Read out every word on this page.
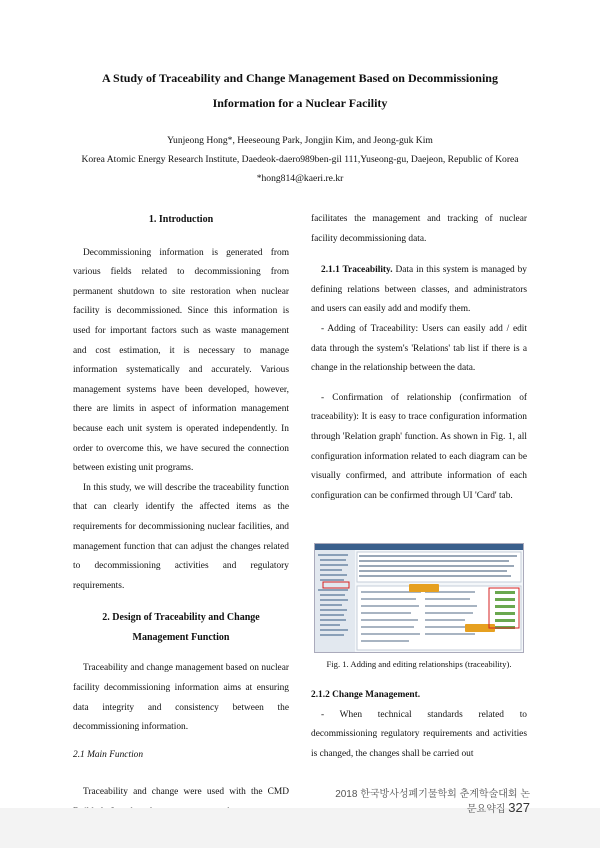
A Study of Traceability and Change Management Based on Decommissioning
Information for a Nuclear Facility
Yunjeong Hong*, Heeseoung Park, Jongjin Kim, and Jeong-guk Kim
Korea Atomic Energy Research Institute, Daedeok-daero989ben-gil 111,Yuseong-gu, Daejeon, Republic of Korea
*hong814@kaeri.re.kr

1. Introduction

Decommissioning information is generated from various fields related to decommissioning from permanent shutdown to site restoration when nuclear facility is decommissioned. Since this information is used for important factors such as waste management and cost estimation, it is necessary to manage information systematically and accurately. Various management systems have been developed, however, there are limits in aspect of information management because each unit system is operated independently. In order to overcome this, we have secured the connection between existing unit programs.

In this study, we will describe the traceability function that can clearly identify the affected items as the requirements for decommissioning nuclear facilities, and management function that can adjust the changes related to decommissioning activities and regulatory requirements.

2. Design of Traceability and Change

Management Function

Traceability and change management based on nuclear facility decommissioning information aims at ensuring data integrity and consistency between the decommissioning information.

2.1 Main Function

Traceability and change were used with the CMD

facilitates the management and tracking of nuclear facility decommissioning data.

2.1.1 Traceability. Data in this system is managed by defining relations between classes, and administrators and users can easily add and modify them.

- Adding of Traceability: Users can easily add / edit data through the system's 'Relations' tab list if there is a change in the relationship between the data.

- Confirmation of relationship (confirmation of traceability): It is easy to trace configuration information through 'Relation graph' function. As shown in Fig. 1, all configuration information related to each diagram can be visually confirmed, and attribute information of each configuration can be confirmed through UI 'Card' tab.

Fig. 1. Adding and editing relationships (traceability).

2.1.2 Change Management.

- When technical standards related to decommissioning regulatory requirements and activities is changed, the changes shall be carried out

2018 한국방사성폐기물학회 춘계학술대회 논문요약집 327
